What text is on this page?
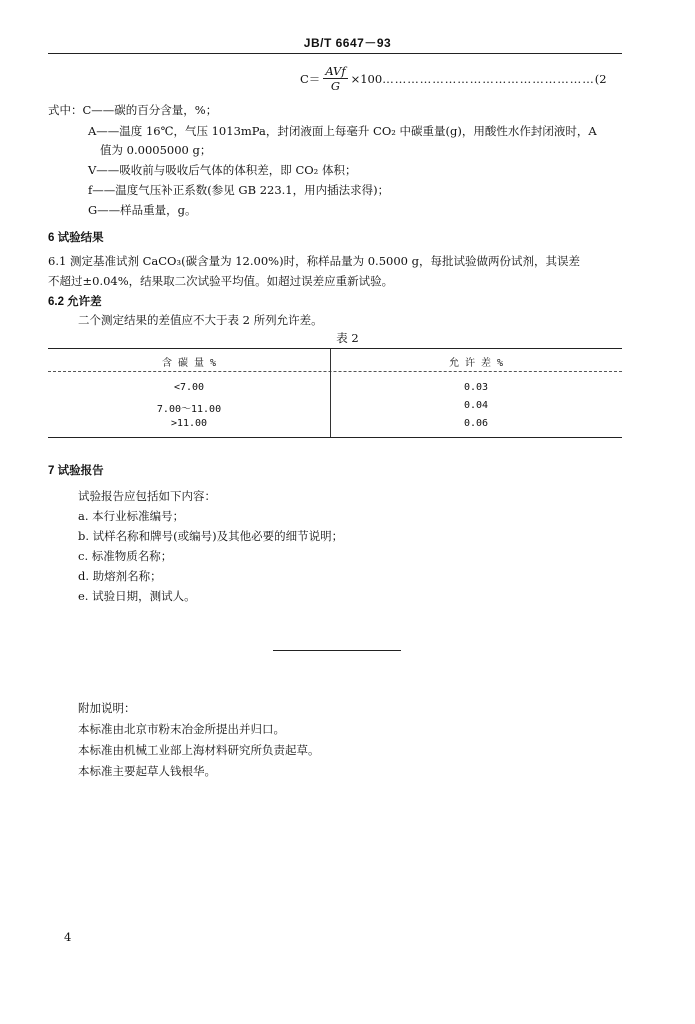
JB/T 6647－93
$C= \frac{\text{AVf}}{G} \times 100$ …………………………………………… (2
式中：C——碳的百分含量，%；
A——温度 16℃，气压 1013mPa，封闭液面上每毫升 CO₂ 中碳重量(g)，用酸性水作封闭液时，A
值为 0.0005000 g；
V——吸收前与吸收后气体的体积差，即 CO₂ 体积；
f——温度气压补正系数(参见 GB 223.1，用内插法求得)；
G——样品重量，g。
6 试验结果
6.1 测定基准试剂 CaCO₃(碳含量为 12.00%)时，称样品量为 0.5000 g，每批试验做两份试剂，其误差
不超过±0.04%，结果取二次试验平均值。如超过误差应重新试验。
6.2 允许差
二个测定结果的差值应不大于表 2 所列允许差。
表 2
含 碳 量 %	允 许 差 %
<7.00	0.03
7.00～11.00	0.04
>11.00	0.06
7 试验报告
试验报告应包括如下内容：
a. 本行业标准编号；
b. 试样名称和牌号(或编号)及其他必要的细节说明；
c. 标准物质名称；
d. 助熔剂名称；
e. 试验日期，测试人。
附加说明：
本标准由北京市粉末冶金所提出并归口。
本标准由机械工业部上海材料研究所负责起草。
本标准主要起草人钱根华。
4
